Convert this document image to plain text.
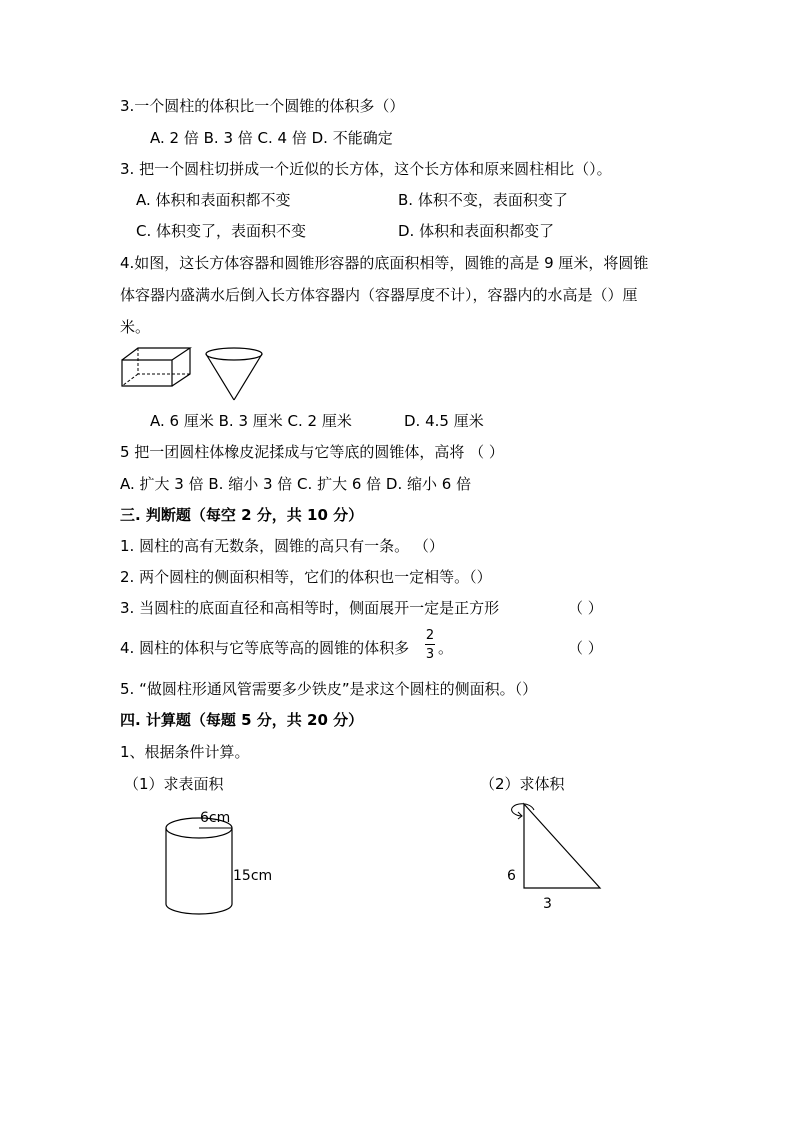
3.一个圆柱的体积比一个圆锥的体积多（）
A. 2 倍 B. 3 倍 C. 4 倍 D. 不能确定
3. 把一个圆柱切拼成一个近似的长方体，这个长方体和原来圆柱相比（）。
A. 体积和表面积都不变	B. 体积不变，表面积变了
C. 体积变了，表面积不变	D. 体积和表面积都变了
4.如图，这长方体容器和圆锥形容器的底面积相等，圆锥的高是 9 厘米，将圆锥
体容器内盛满水后倒入长方体容器内（容器厚度不计），容器内的水高是（）厘
米。
A. 6 厘米 B. 3 厘米 C. 2 厘米	D. 4.5 厘米
5 把一团圆柱体橡皮泥揉成与它等底的圆锥体，高将 （ ）
A. 扩大 3 倍 B. 缩小 3 倍 C. 扩大 6 倍 D. 缩小 6 倍
三. 判断题（每空 2 分，共 10 分）
1. 圆柱的高有无数条，圆锥的高只有一条。 （）
2. 两个圆柱的侧面积相等，它们的体积也一定相等。（）
3. 当圆柱的底面直径和高相等时，侧面展开一定是正方形	（ ）
4. 圆柱的体积与它等底等高的圆锥的体积多
2
3 。	（ ）
5. “做圆柱形通风管需要多少铁皮”是求这个圆柱的侧面积。（）
四. 计算题（每题 5 分，共 20 分）
1、根据条件计算。
（1）求表面积	（2）求体积
6cm
15cm	6
3
